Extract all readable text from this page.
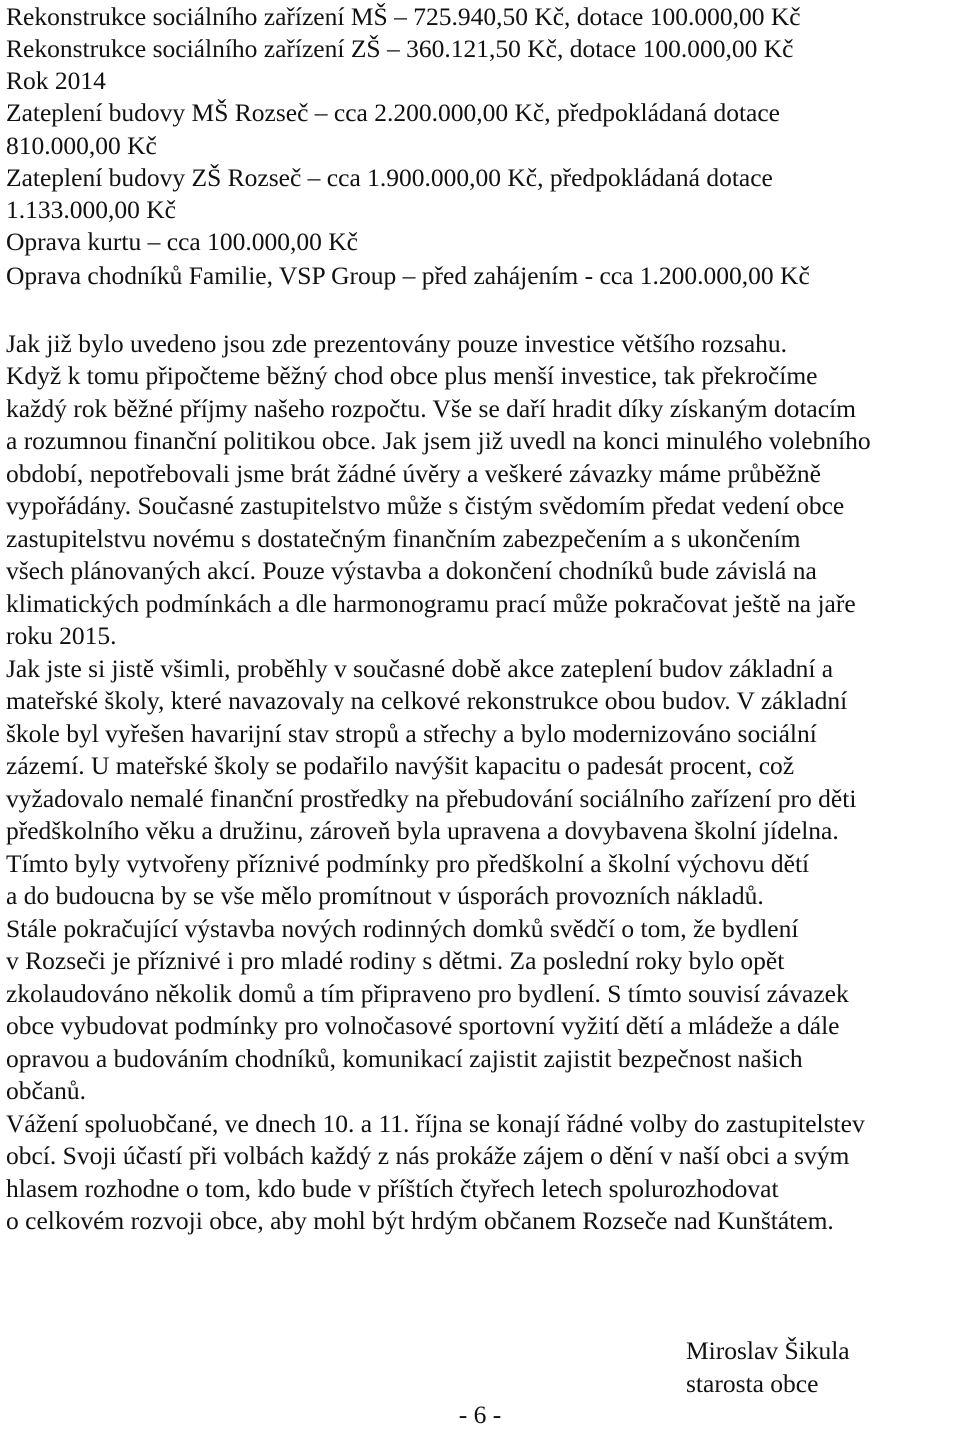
Rekonstrukce sociálního zařízení MŠ – 725.940,50 Kč, dotace 100.000,00 Kč
Rekonstrukce sociálního zařízení ZŠ – 360.121,50 Kč, dotace 100.000,00 Kč
Rok 2014
Zateplení budovy MŠ Rozseč – cca 2.200.000,00 Kč, předpokládaná dotace
810.000,00 Kč
Zateplení budovy ZŠ Rozseč – cca 1.900.000,00 Kč, předpokládaná dotace
1.133.000,00 Kč
Oprava kurtu – cca 100.000,00 Kč
Oprava chodníků Familie, VSP Group – před zahájením - cca 1.200.000,00 Kč
Jak již bylo uvedeno jsou zde prezentovány pouze investice většího rozsahu.
Když k tomu připočteme běžný chod obce plus menší investice, tak překročíme
každý rok běžné příjmy našeho rozpočtu. Vše se daří hradit díky získaným dotacím
a rozumnou finanční politikou obce. Jak jsem již uvedl na konci minulého volebního
období, nepotřebovali jsme brát žádné úvěry a veškeré závazky máme průběžně
vypořádány. Současné zastupitelstvo může s čistým svědomím předat vedení obce
zastupitelstvu novému s dostatečným finančním zabezpečením a s ukončením
všech plánovaných akcí. Pouze výstavba a dokončení chodníků bude závislá na
klimatických podmínkách a dle harmonogramu prací může pokračovat ještě na jaře
roku 2015.
Jak jste si jistě všimli, proběhly v současné době akce zateplení budov základní a
mateřské školy, které navazovaly na celkové rekonstrukce obou budov. V základní
škole byl vyřešen havarijní stav stropů a střechy a bylo modernizováno sociální
zázemí. U mateřské školy se podařilo navýšit kapacitu o padesát procent, což
vyžadovalo nemalé finanční prostředky na přebudování sociálního zařízení pro děti
předškolního věku a družinu, zároveň byla upravena a dovybavena školní jídelna.
Tímto byly vytvořeny příznivé podmínky pro předškolní a školní výchovu dětí
a do budoucna by se vše mělo promítnout v úsporách provozních nákladů.
Stále pokračující výstavba nových rodinných domků svědčí o tom, že bydlení
v Rozseči je příznivé i pro mladé rodiny s dětmi. Za poslední roky bylo opět
zkolaudováno několik domů a tím připraveno pro bydlení. S tímto souvisí závazek
obce vybudovat podmínky pro volnočasové sportovní vyžití dětí a mládeže a dále
opravou a budováním chodníků, komunikací zajistit zajistit bezpečnost našich
občanů.
Vážení spoluobčané, ve dnech 10. a 11. října se konají řádné volby do zastupitelstev
obcí. Svoji účastí při volbách každý z nás prokáže zájem o dění v naší obci a svým
hlasem rozhodne o tom, kdo bude v příštích čtyřech letech spolurozhodovat
o celkovém rozvoji obce, aby mohl být hrdým občanem Rozseče nad Kunštátem.
Miroslav Šikula
starosta obce
- 6 -
